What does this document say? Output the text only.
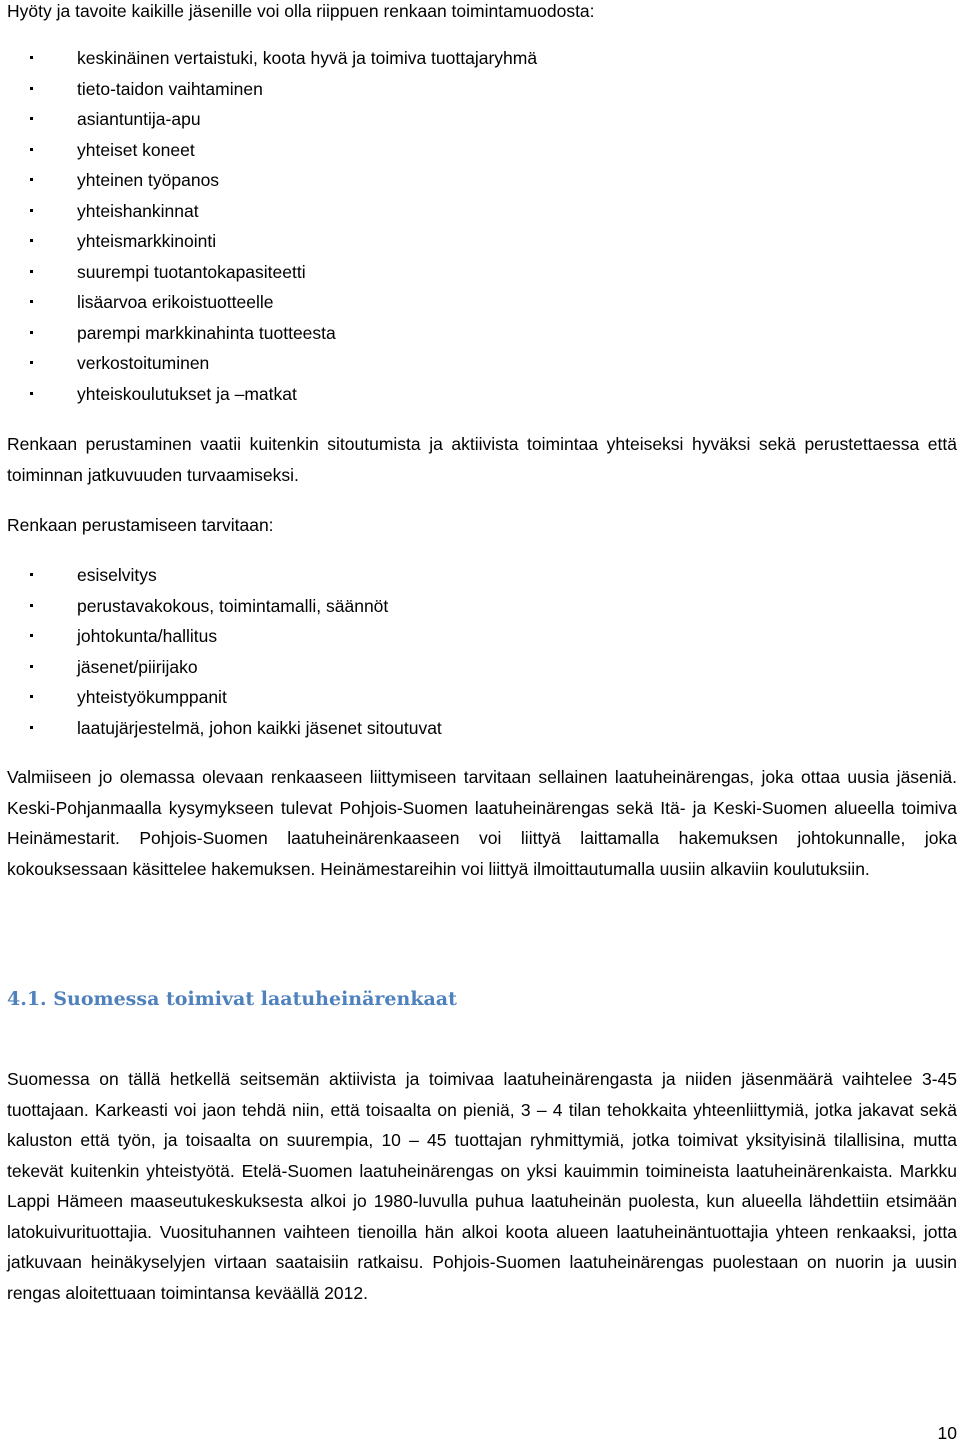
Hyöty ja tavoite kaikille jäsenille voi olla riippuen renkaan toimintamuodosta:
keskinäinen vertaistuki, koota hyvä ja toimiva tuottajaryhmä
tieto-taidon vaihtaminen
asiantuntija-apu
yhteiset koneet
yhteinen työpanos
yhteishankinnat
yhteismarkkinointi
suurempi tuotantokapasiteetti
lisäarvoa erikoistuotteelle
parempi markkinahinta tuotteesta
verkostoituminen
yhteiskoulutukset ja –matkat

Renkaan perustaminen vaatii kuitenkin sitoutumista ja aktiivista toimintaa yhteiseksi hyväksi sekä perustettaessa että toiminnan jatkuvuuden turvaamiseksi.

Renkaan perustamiseen tarvitaan:

esiselvitys
perustavakokous, toimintamalli, säännöt
johtokunta/hallitus
jäsenet/piirijako
yhteistyökumppanit
laatujärjestelmä, johon kaikki jäsenet sitoutuvat

Valmiiseen jo olemassa olevaan renkaaseen liittymiseen tarvitaan sellainen laatuheinärengas, joka ottaa uusia jäseniä. Keski-Pohjanmaalla kysymykseen tulevat Pohjois-Suomen laatuheinärengas sekä Itä- ja Keski-Suomen alueella toimiva Heinämestarit. Pohjois-Suomen laatuheinärenkaaseen voi liittyä laittamalla hakemuksen johtokunnalle, joka kokouksessaan käsittelee hakemuksen. Heinämestareihin voi liittyä ilmoittautumalla uusiin alkaviin koulutuksiin.

4.1. Suomessa toimivat laatuheinärenkaat

Suomessa on tällä hetkellä seitsemän aktiivista ja toimivaa laatuheinärengasta ja niiden jäsenmäärä vaihtelee 3-45 tuottajaan. Karkeasti voi jaon tehdä niin, että toisaalta on pieniä, 3 – 4 tilan tehokkaita yhteenliittymiä, jotka jakavat sekä kaluston että työn, ja toisaalta on suurempia, 10 – 45 tuottajan ryhmittymiä, jotka toimivat yksityisinä tilallisina, mutta tekevät kuitenkin yhteistyötä. Etelä-Suomen laatuheinärengas on yksi kauimmin toimineista laatuheinärenkaista. Markku Lappi Hämeen maaseutukeskuksesta alkoi jo 1980-luvulla puhua laatuheinän puolesta, kun alueella lähdettiin etsimään latokuivurituottajia. Vuosituhannen vaihteen tienoilla hän alkoi koota alueen laatuheinäntuottajia yhteen renkaaksi, jotta jatkuvaan heinäkyselyjen virtaan saataisiin ratkaisu. Pohjois-Suomen laatuheinärengas puolestaan on nuorin ja uusin rengas aloitettuaan toimintansa keväällä 2012.

10
